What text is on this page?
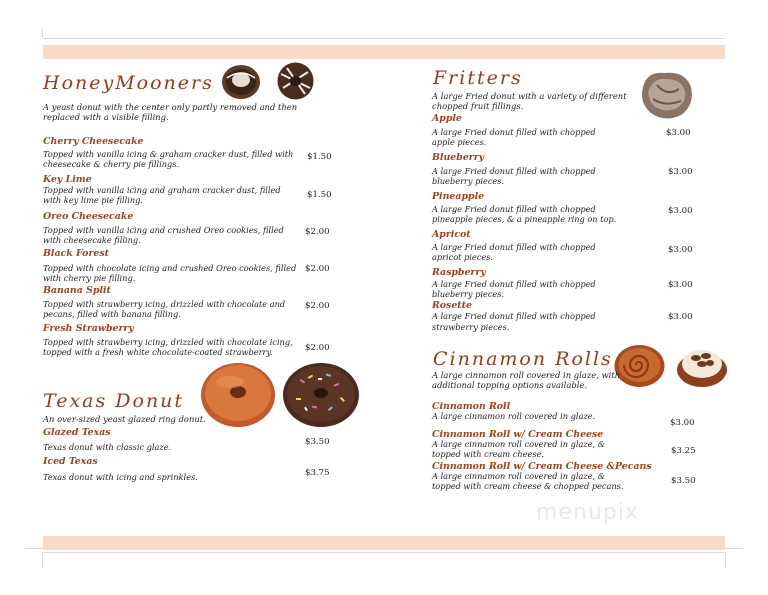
HoneyMooners
A yeast donut with the center only partly removed and then
replaced with a visible filling.
Cherry Cheesecake
Topped with vanilla icing & graham cracker dust, filled with
cheesecake & cherry pie fillings.
$1.50
Key Lime
Topped with vanilla icing and graham cracker dust, filled
with key lime pie filling.	$1.50
Oreo Cheesecake
Topped with vanilla icing and crushed Oreo cookies, filled
with cheesecake filling.
$2.00
Black Forest
Topped with chocolate icing and crushed Oreo cookies, filled
with cherry pie filling.
$2.00
Banana Split
Topped with strawberry icing, drizzled with chocolate and
pecans, filled with banana filling.
$2.00
Fresh Strawberry
Topped with strawberry icing, drizzled with chocolate icing,
topped with a fresh white chocolate-coated strawberry.	$2.00
Texas Donut
An over-sized yeast glazed ring donut.
Glazed Texas
Texas donut with classic glaze.	$3.50
Iced Texas
Texas donut with icing and sprinkles.	$3.75
Fritters
A large Fried donut with a variety of different
chopped fruit fillings.
Apple
A large Fried donut filled with chopped
apple pieces.
$3.00
Blueberry
A large Fried donut filled with chopped
blueberry pieces.
$3.00
Pineapple
A large Fried donut filled with chopped
pineapple pieces, & a pineapple ring on top.
$3.00
Apricot
A large Fried donut filled with chopped
apricot pieces.
$3.00
Raspberry
A large Fried donut filled with chopped
blueberry pieces.
$3.00
Rosette
A large Fried donut filled with chopped
strawberry pieces.
$3.00
Cinnamon Rolls
A large cinnamon roll covered in glaze, with
additional topping options available.
Cinnamon Roll
A large cinnamon roll covered in glaze.
$3.00
Cinnamon Roll w/ Cream Cheese
A large cinnamon roll covered in glaze, &
topped with cream cheese.	$3.25
Cinnamon Roll w/ Cream Cheese &Pecans
A large cinnamon roll covered in glaze, &
topped with cream cheese & chopped pecans.	$3.50
menupix
